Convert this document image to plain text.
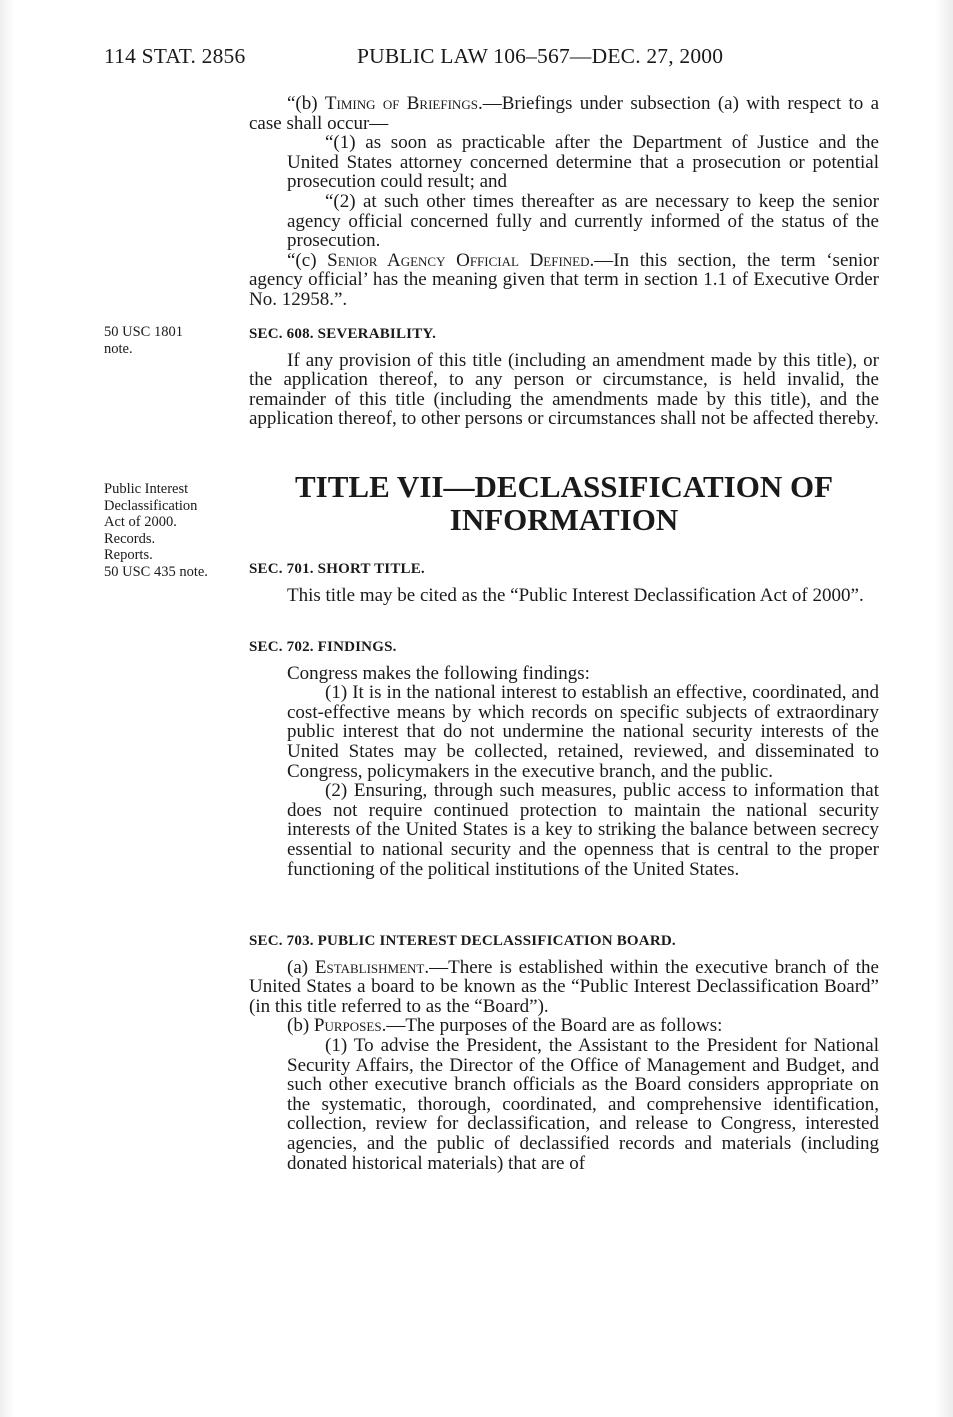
114 STAT. 2856	PUBLIC LAW 106–567—DEC. 27, 2000
50 USC 1801
note.
Public Interest
Declassification
Act of 2000.
Records.
Reports.
50 USC 435 note.

“(b) Timing of Briefings.—Briefings under subsection (a) with respect to a case shall occur—

“(1) as soon as practicable after the Department of Justice and the United States attorney concerned determine that a prosecution or potential prosecution could result; and

“(2) at such other times thereafter as are necessary to keep the senior agency official concerned fully and currently informed of the status of the prosecution.

“(c) Senior Agency Official Defined.—In this section, the term ‘senior agency official’ has the meaning given that term in section 1.1 of Executive Order No. 12958.”.

SEC. 608. SEVERABILITY.

If any provision of this title (including an amendment made by this title), or the application thereof, to any person or circumstance, is held invalid, the remainder of this title (including the amendments made by this title), and the application thereof, to other persons or circumstances shall not be affected thereby.

TITLE VII—DECLASSIFICATION OF
INFORMATION

SEC. 701. SHORT TITLE.

This title may be cited as the “Public Interest Declassification Act of 2000”.

SEC. 702. FINDINGS.

Congress makes the following findings:

(1) It is in the national interest to establish an effective, coordinated, and cost-effective means by which records on specific subjects of extraordinary public interest that do not undermine the national security interests of the United States may be collected, retained, reviewed, and disseminated to Congress, policymakers in the executive branch, and the public.

(2) Ensuring, through such measures, public access to information that does not require continued protection to maintain the national security interests of the United States is a key to striking the balance between secrecy essential to national security and the openness that is central to the proper functioning of the political institutions of the United States.

SEC. 703. PUBLIC INTEREST DECLASSIFICATION BOARD.

(a) Establishment.—There is established within the executive branch of the United States a board to be known as the “Public Interest Declassification Board” (in this title referred to as the “Board”).

(b) Purposes.—The purposes of the Board are as follows:

(1) To advise the President, the Assistant to the President for National Security Affairs, the Director of the Office of Management and Budget, and such other executive branch officials as the Board considers appropriate on the systematic, thorough, coordinated, and comprehensive identification, collection, review for declassification, and release to Congress, interested agencies, and the public of declassified records and materials (including donated historical materials) that are of
